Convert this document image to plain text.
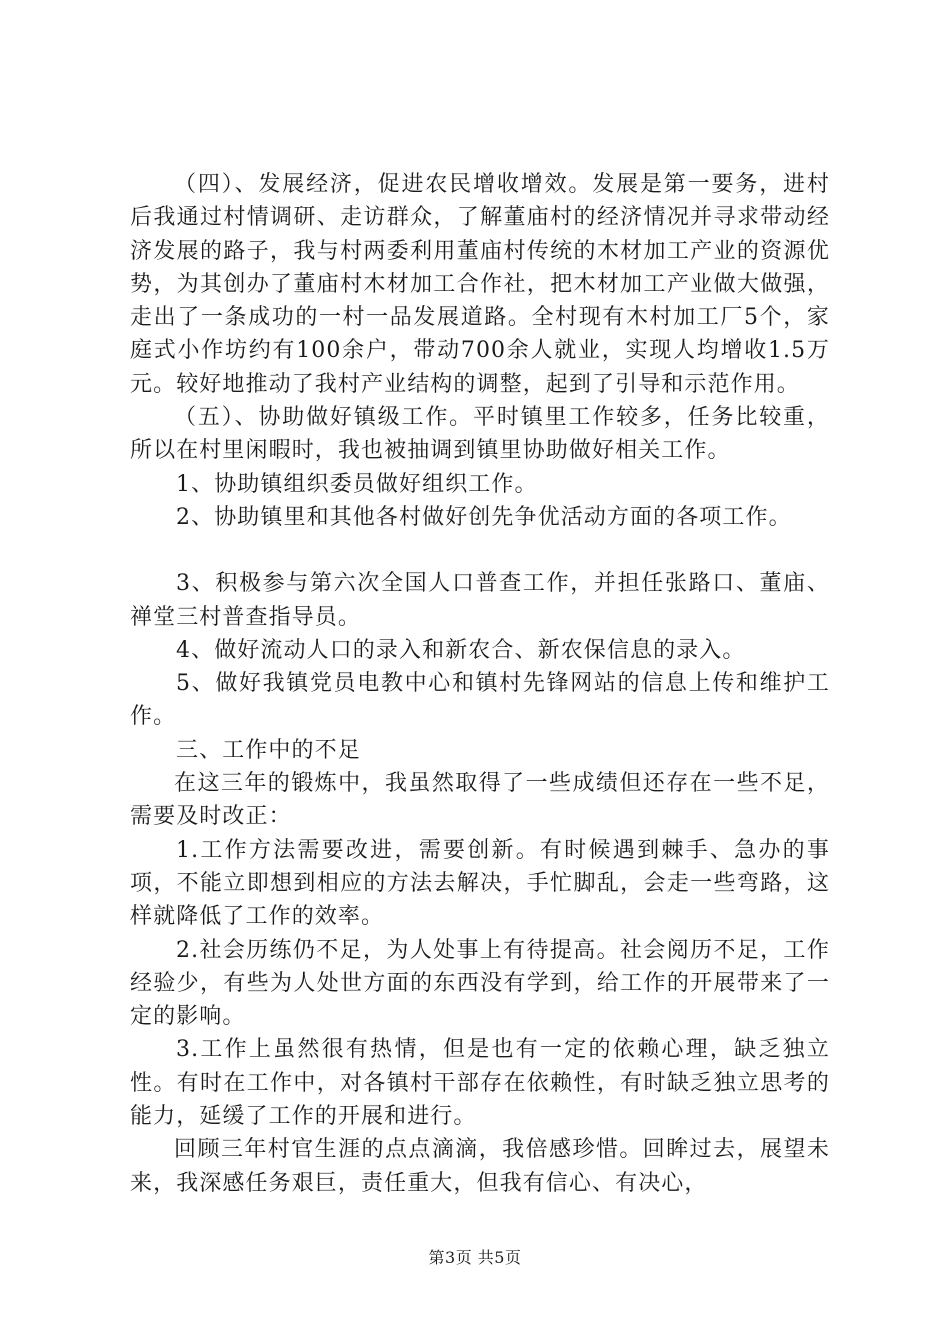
（四）、发展经济，促进农民增收增效。发展是第一要务，进村后我通过村情调研、走访群众，了解董庙村的经济情况并寻求带动经济发展的路子，我与村两委利用董庙村传统的木材加工产业的资源优势，为其创办了董庙村木材加工合作社，把木材加工产业做大做强，走出了一条成功的一村一品发展道路。全村现有木村加工厂5个，家庭式小作坊约有100余户，带动700余人就业，实现人均增收1.5万元。较好地推动了我村产业结构的调整，起到了引导和示范作用。

（五）、协助做好镇级工作。平时镇里工作较多，任务比较重，所以在村里闲暇时，我也被抽调到镇里协助做好相关工作。

1、协助镇组织委员做好组织工作。

2、协助镇里和其他各村做好创先争优活动方面的各项工作。

3、积极参与第六次全国人口普查工作，并担任张路口、董庙、禅堂三村普查指导员。

4、做好流动人口的录入和新农合、新农保信息的录入。

5、做好我镇党员电教中心和镇村先锋网站的信息上传和维护工作。

三、工作中的不足

在这三年的锻炼中，我虽然取得了一些成绩但还存在一些不足，需要及时改正：

1.工作方法需要改进，需要创新。有时候遇到棘手、急办的事项，不能立即想到相应的方法去解决，手忙脚乱，会走一些弯路，这样就降低了工作的效率。

2.社会历练仍不足，为人处事上有待提高。社会阅历不足，工作经验少，有些为人处世方面的东西没有学到，给工作的开展带来了一定的影响。

3.工作上虽然很有热情，但是也有一定的依赖心理，缺乏独立性。有时在工作中，对各镇村干部存在依赖性，有时缺乏独立思考的能力，延缓了工作的开展和进行。

回顾三年村官生涯的点点滴滴，我倍感珍惜。回眸过去，展望未来，我深感任务艰巨，责任重大，但我有信心、有决心，

第3页 共5页
